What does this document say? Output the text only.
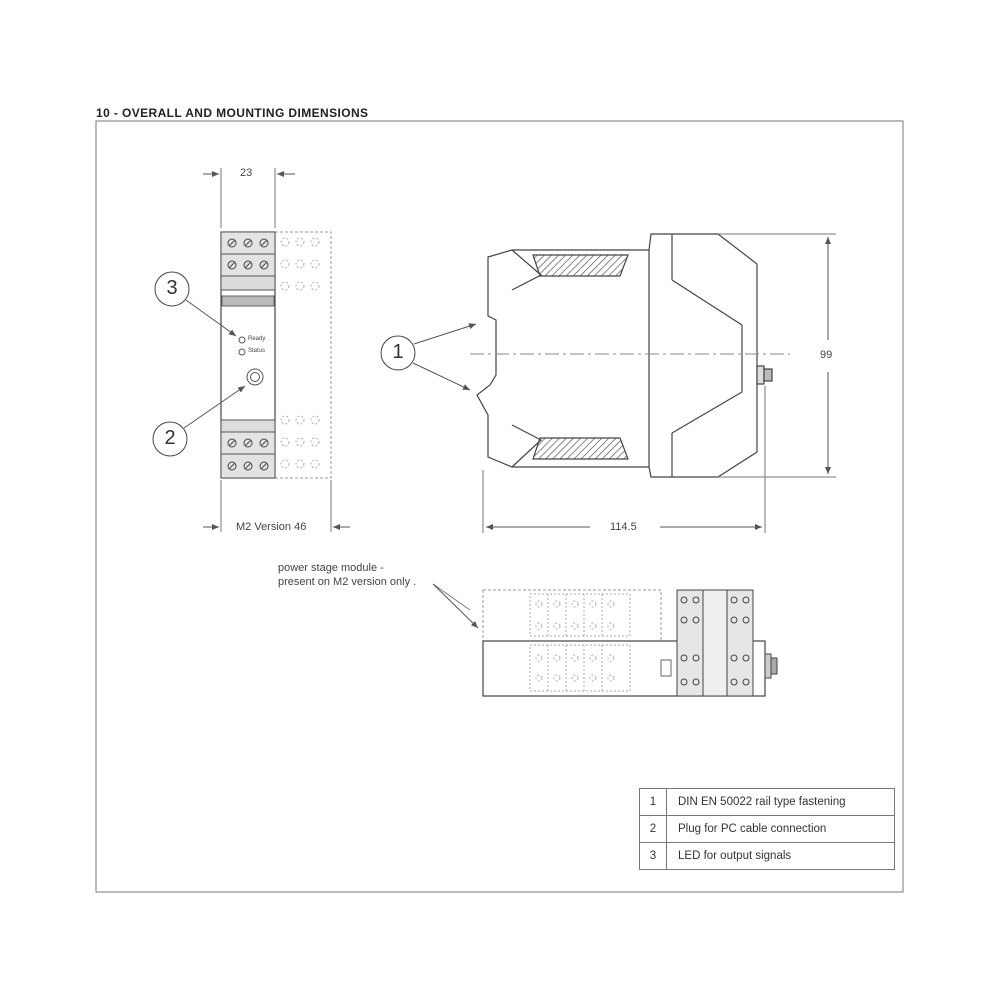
10 - OVERALL AND MOUNTING DIMENSIONS
23
M2 Version 46
Ready
Status	99
114.5
3
2
1
power stage module -
present on M2 version only .
1	DIN EN 50022 rail type fastening
2	Plug for PC cable connection
3	LED for output signals
